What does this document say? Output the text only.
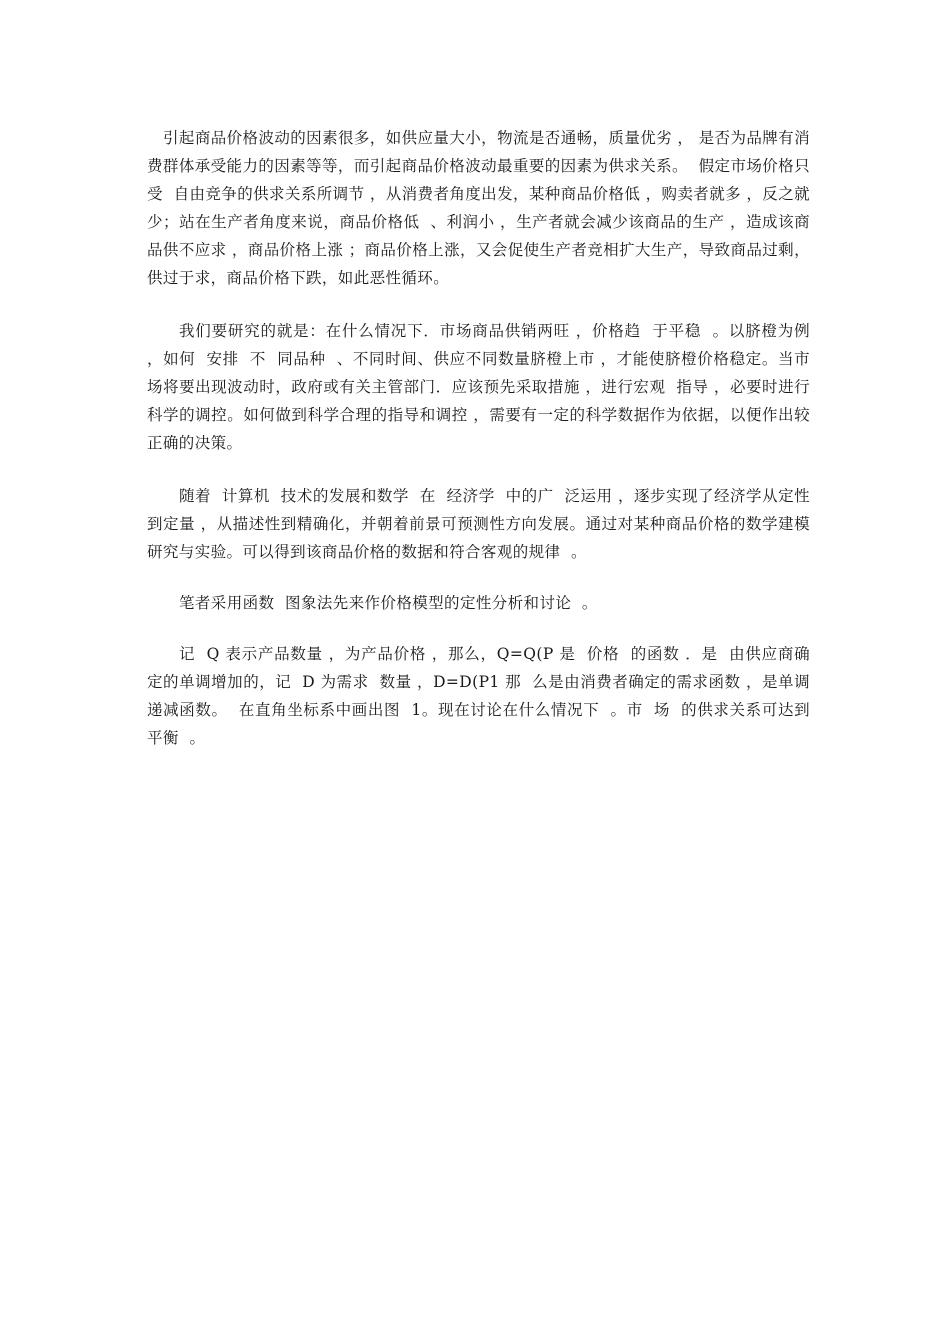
引起商品价格波动的因素很多，如供应量大小，物流是否通畅，质量优劣 ， 是否为品牌有消费群体承受能力的因素等等，而引起商品价格波动最重要的因素为供求关系。  假定市场价格只受  自由竞争的供求关系所调节 ，从消费者角度出发，某种商品价格低 ，购卖者就多 ，反之就少；站在生产者角度来说，商品价格低  、利润小 ，生产者就会减少该商品的生产 ，造成该商品供不应求 ，商品价格上涨 ；商品价格上涨，又会促使生产者竞相扩大生产，导致商品过剩，供过于求，商品价格下跌，如此恶性循环。

我们要研究的就是：在什么情况下．市场商品供销两旺 ，价格趋  于平稳  。以脐橙为例 ，如何  安排  不  同品种  、不同时间、供应不同数量脐橙上市 ，才能使脐橙价格稳定。当市场将要出现波动时，政府或有关主管部门．应该预先采取措施 ，进行宏观  指导 ，必要时进行科学的调控。如何做到科学合理的指导和调控 ，需要有一定的科学数据作为依据，以便作出较正确的决策。

随着  计算机  技术的发展和数学  在  经济学  中的广  泛运用 ，逐步实现了经济学从定性到定量 ，从描述性到精确化，并朝着前景可预测性方向发展。通过对某种商品价格的数学建模研究与实验。可以得到该商品价格的数据和符合客观的规律  。

笔者采用函数  图象法先来作价格模型的定性分析和讨论  。

记  Q 表示产品数量 ，为产品价格 ，那么，Q=Q(P 是  价格  的函数 ．是  由供应商确定的单调增加的，记  D 为需求  数量 ，D=D(P1 那  么是由消费者确定的需求函数 ，是单调递减函数。  在直角坐标系中画出图  1。现在讨论在什么情况下  。市  场  的供求关系可达到平衡  。
